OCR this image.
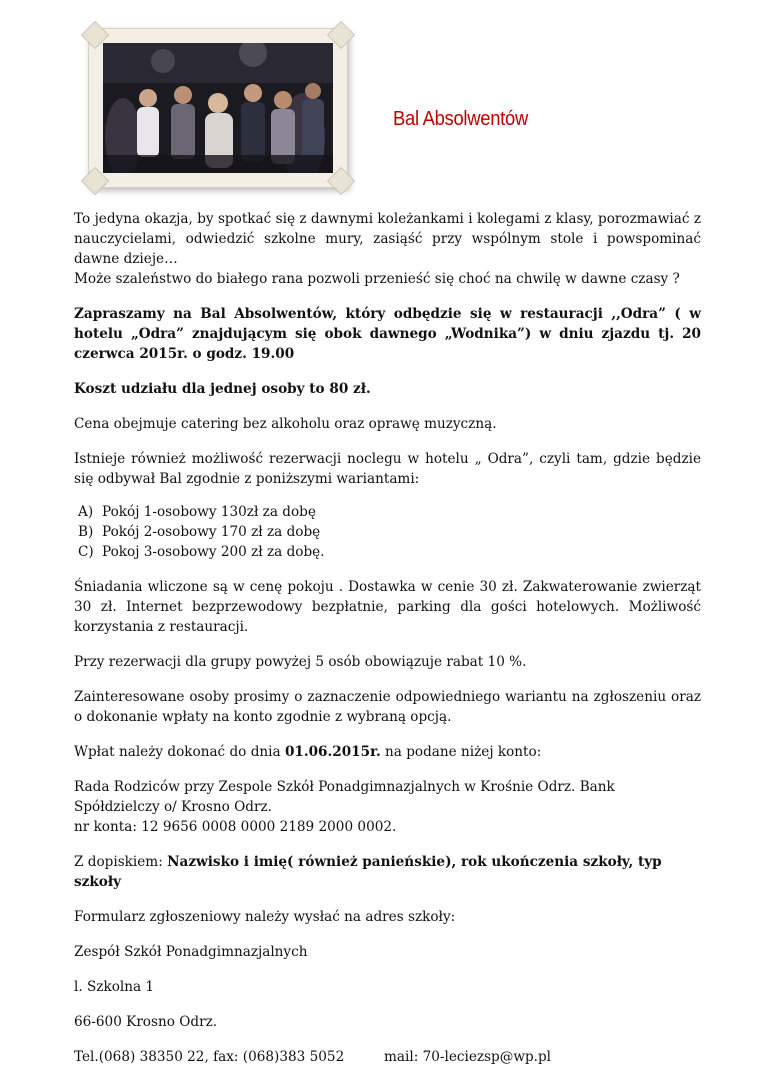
Bal Absolwentów

To jedyna okazja, by spotkać się z dawnymi koleżankami i kolegami z klasy, porozmawiać z nauczycielami, odwiedzić szkolne mury, zasiąść przy wspólnym stole i powspominać dawne dzieje…
Może szaleństwo do białego rana pozwoli przenieść się choć na chwilę w dawne czasy ?

Zapraszamy na Bal Absolwentów, który odbędzie się w restauracji ,,Odra” ( w hotelu „Odra” znajdującym się obok dawnego „Wodnika”) w dniu zjazdu tj. 20 czerwca 2015r. o godz. 19.00

Koszt udziału dla jednej osoby to 80 zł.

Cena obejmuje catering bez alkoholu oraz oprawę muzyczną.

Istnieje również możliwość rezerwacji noclegu w hotelu „ Odra”, czyli tam, gdzie będzie się odbywał Bal zgodnie z poniższymi wariantami:

A) Pokój 1-osobowy 130zł za dobę
B) Pokój 2-osobowy 170 zł za dobę
C) Pokoj 3-osobowy 200 zł za dobę.

Śniadania wliczone są w cenę pokoju . Dostawka w cenie 30 zł. Zakwaterowanie zwierząt 30 zł. Internet bezprzewodowy bezpłatnie, parking dla gości hotelowych. Możliwość korzystania z restauracji.

Przy rezerwacji dla grupy powyżej 5 osób obowiązuje rabat 10 %.

Zainteresowane osoby prosimy o zaznaczenie odpowiedniego wariantu na zgłoszeniu oraz o dokonanie wpłaty na konto zgodnie z wybraną opcją.

Wpłat należy dokonać do dnia 01.06.2015r. na podane niżej konto:

Rada Rodziców przy Zespole Szkół Ponadgimnazjalnych w Krośnie Odrz. Bank Spółdzielczy o/ Krosno Odrz.
nr konta: 12 9656 0008 0000 2189 2000 0002.

Z dopiskiem: Nazwisko i imię( również panieńskie), rok ukończenia szkoły, typ szkoły

Formularz zgłoszeniowy należy wysłać na adres szkoły:

Zespół Szkół Ponadgimnazjalnych

l. Szkolna 1

66-600 Krosno Odrz.

Tel.(068) 38350 22, fax: (068)383 5052	mail: 70-leciezsp@wp.pl
